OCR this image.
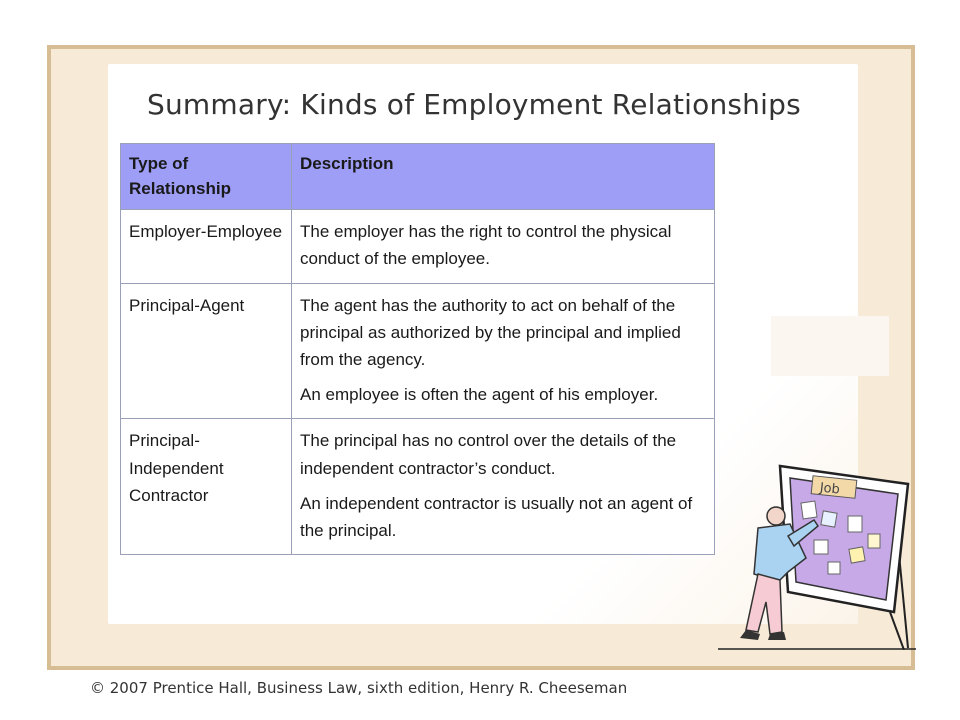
Summary: Kinds of Employment Relationships
Type of Relationship	Description
Employer-Employee	The employer has the right to control the physical conduct of the employee.

Principal-Agent	The agent has the authority to act on behalf of the principal as authorized by the principal and implied from the agency.
An employee is often the agent of his employer.

Principal-Independent Contractor	The principal has no control over the details of the independent contractor’s conduct.
An independent contractor is usually not an agent of the principal.
Job
© 2007 Prentice Hall, Business Law, sixth edition, Henry R. Cheeseman
